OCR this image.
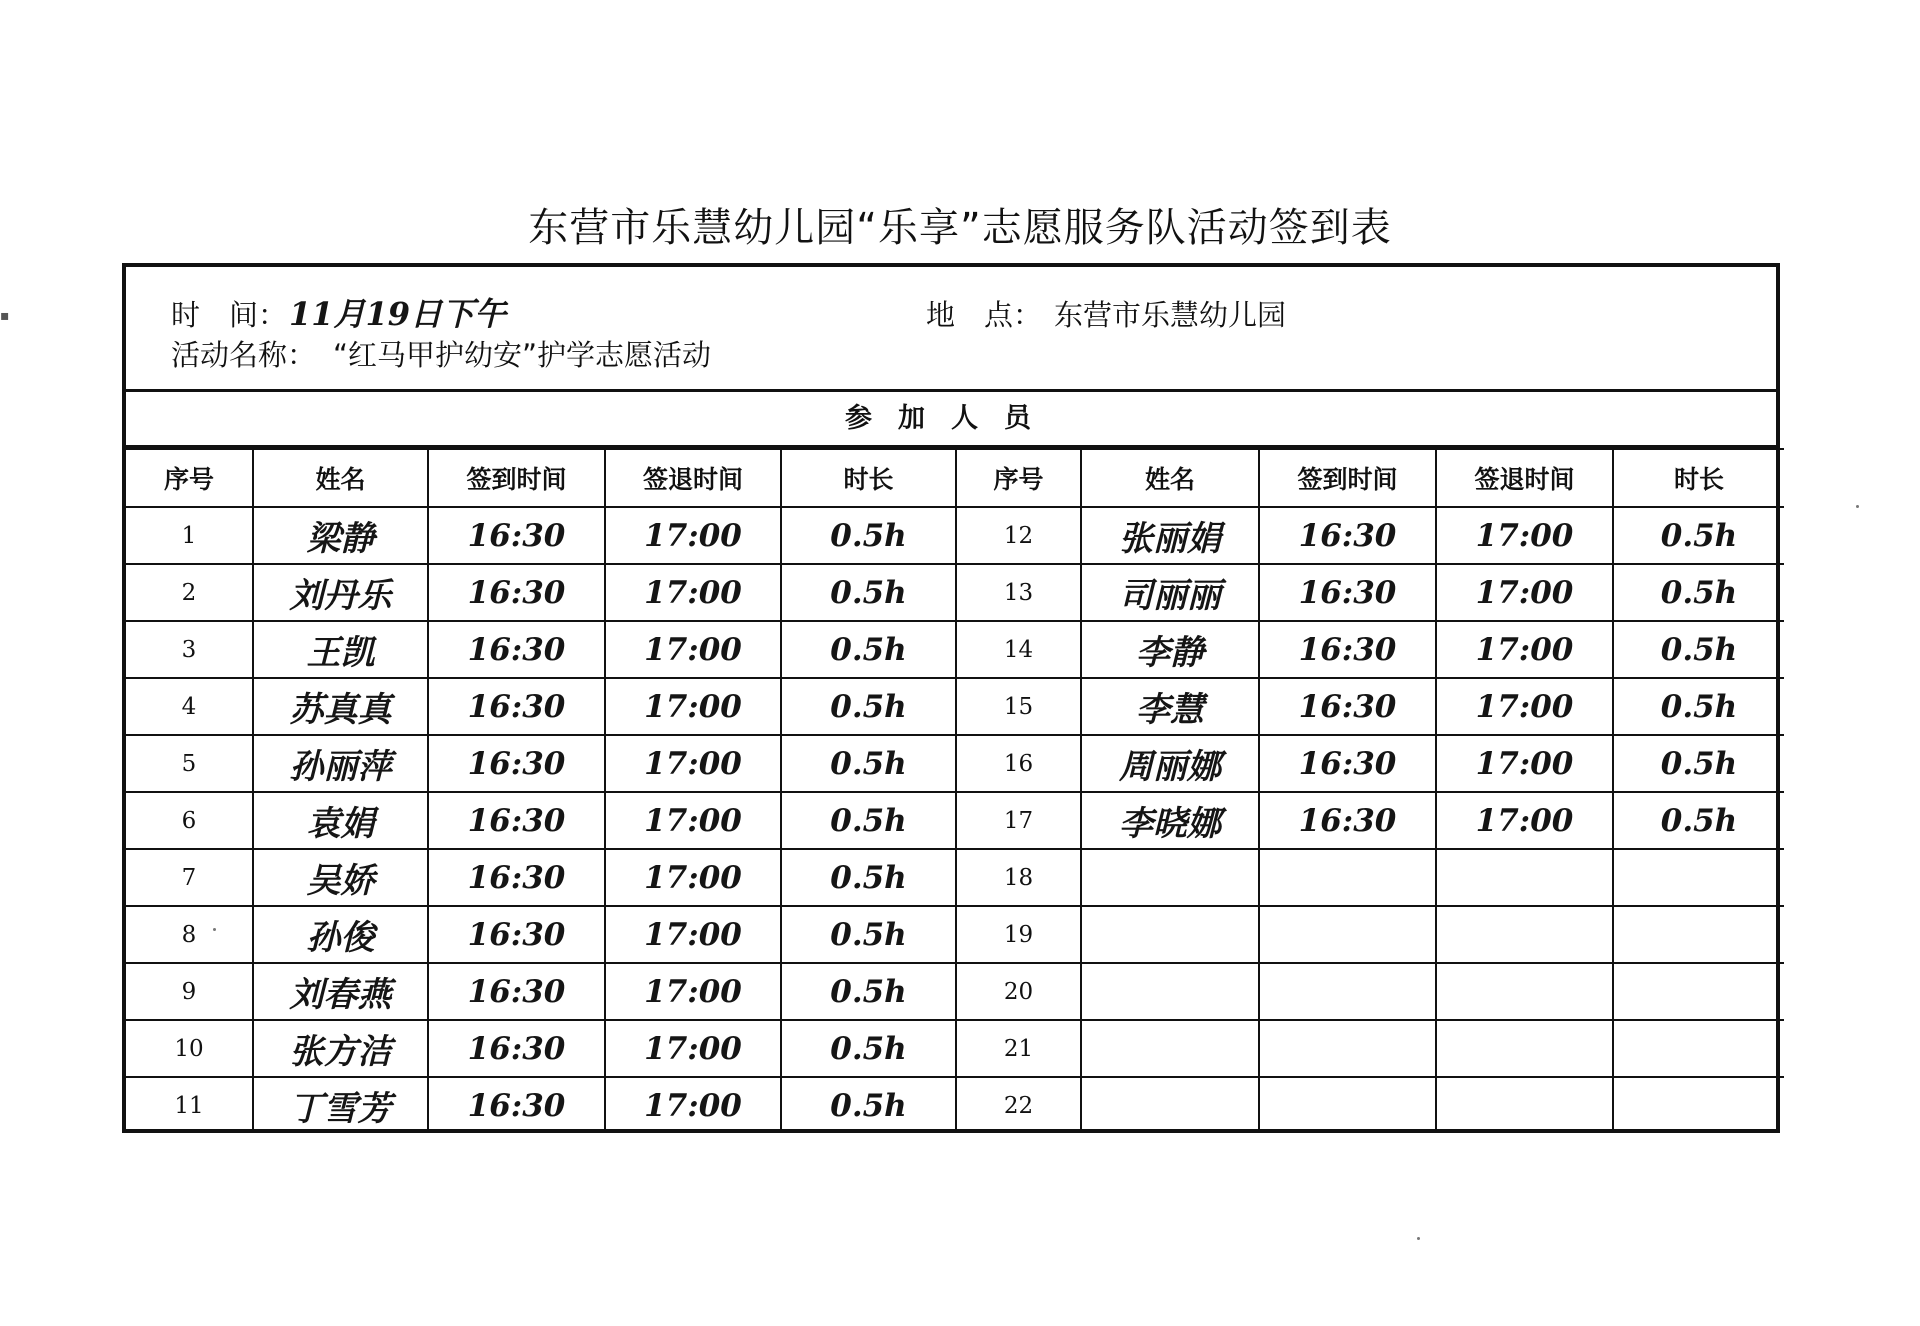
东营市乐慧幼儿园“乐享”志愿服务队活动签到表
时　间： 11月19日下午	地　点： 东营市乐慧幼儿园
活动名称： “红马甲护幼安”护学志愿活动
参加人员
序号	姓名	签到时间	签退时间	时长	序号	姓名	签到时间	签退时间	时长
1	梁静	16:30	17:00	0.5h	12	张丽娟	16:30	17:00	0.5h
2	刘丹乐	16:30	17:00	0.5h	13	司丽丽	16:30	17:00	0.5h
3	王凯	16:30	17:00	0.5h	14	李静	16:30	17:00	0.5h
4	苏真真	16:30	17:00	0.5h	15	李慧	16:30	17:00	0.5h
5	孙丽萍	16:30	17:00	0.5h	16	周丽娜	16:30	17:00	0.5h
6	袁娟	16:30	17:00	0.5h	17	李晓娜	16:30	17:00	0.5h
7	吴娇	16:30	17:00	0.5h	18				
8	孙俊	16:30	17:00	0.5h	19				
9	刘春燕	16:30	17:00	0.5h	20				
10	张方洁	16:30	17:00	0.5h	21				
11	丁雪芳	16:30	17:00	0.5h	22				
▪
